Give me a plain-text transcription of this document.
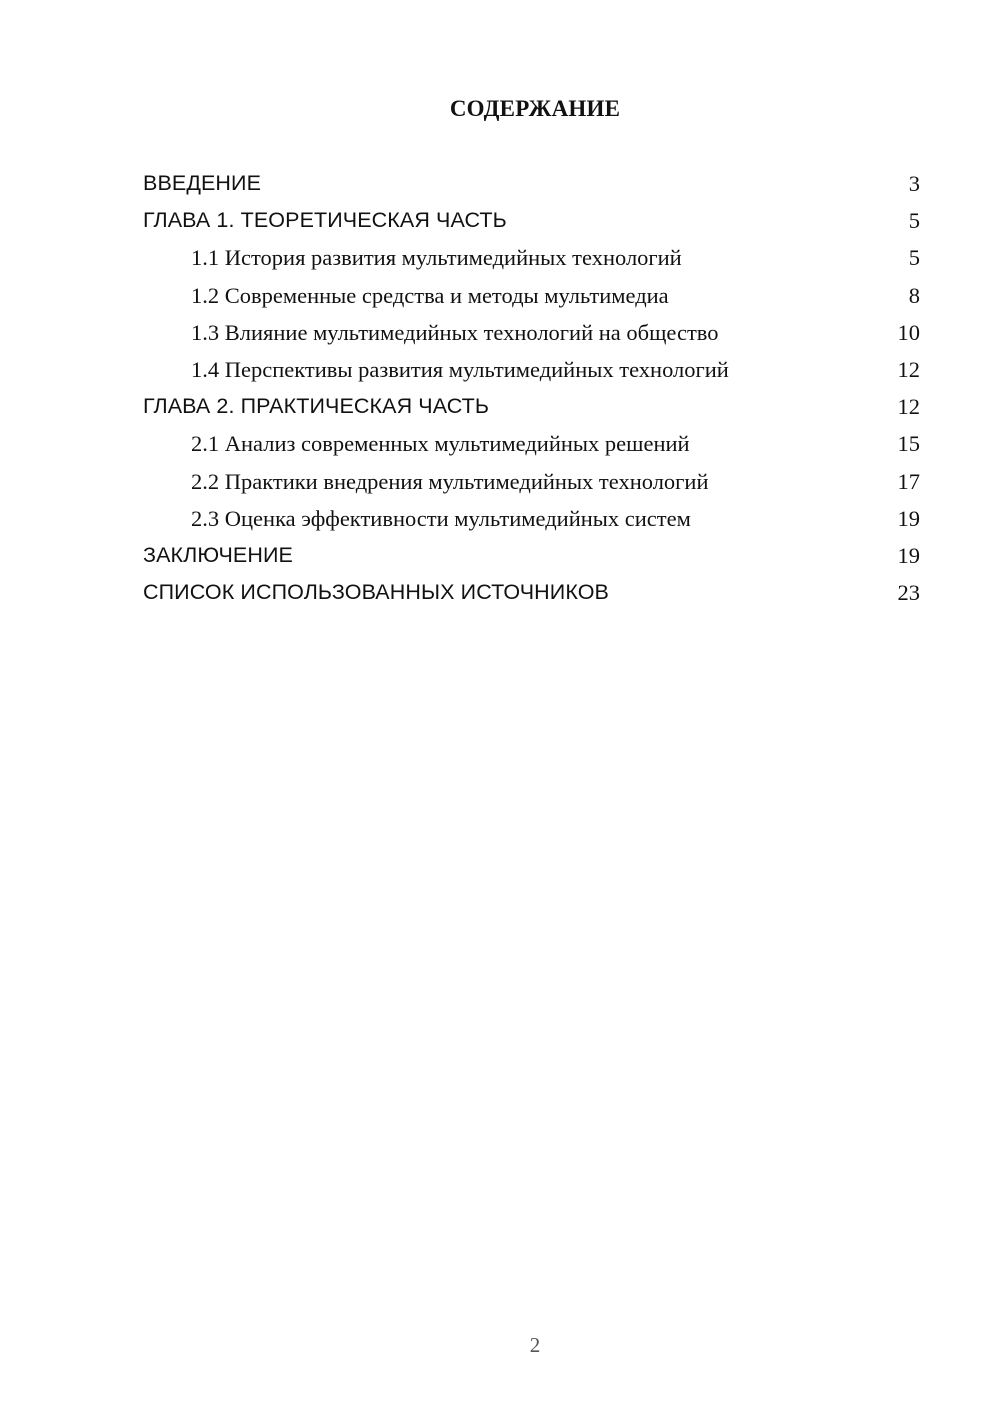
СОДЕРЖАНИЕ
ВВЕДЕНИЕ	3
ГЛАВА 1. ТЕОРЕТИЧЕСКАЯ ЧАСТЬ	5
1.1 История развития мультимедийных технологий	5
1.2 Современные средства и методы мультимедиа	8
1.3 Влияние мультимедийных технологий на общество	10
1.4 Перспективы развития мультимедийных технологий	12
ГЛАВА 2. ПРАКТИЧЕСКАЯ ЧАСТЬ	12
2.1 Анализ современных мультимедийных решений	15
2.2 Практики внедрения мультимедийных технологий	17
2.3 Оценка эффективности мультимедийных систем	19
ЗАКЛЮЧЕНИЕ	19
СПИСОК ИСПОЛЬЗОВАННЫХ ИСТОЧНИКОВ	23
2
